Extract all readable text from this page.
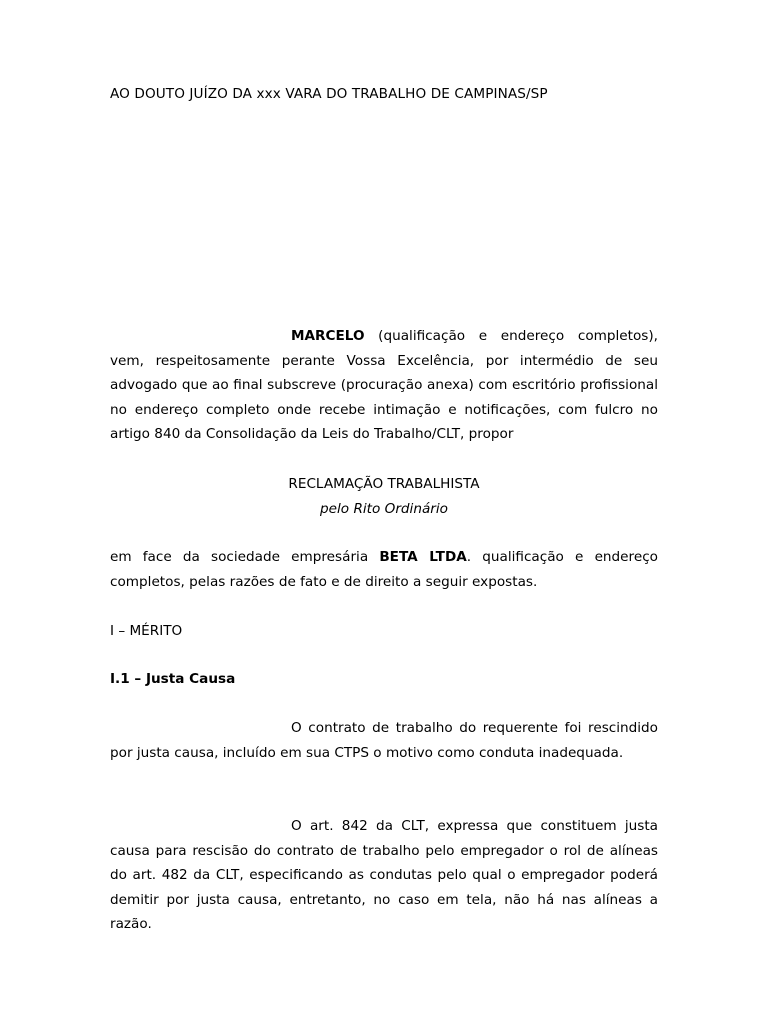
AO DOUTO JUÍZO DA xxx VARA DO TRABALHO DE CAMPINAS/SP

MARCELO (qualificação e endereço completos), vem, respeitosamente perante Vossa Excelência, por intermédio de seu advogado que ao final subscreve (procuração anexa) com escritório profissional no endereço completo onde recebe intimação e notificações, com fulcro no artigo 840 da Consolidação da Leis do Trabalho/CLT, propor

RECLAMAÇÃO TRABALHISTA
pelo Rito Ordinário

em face da sociedade empresária BETA LTDA. qualificação e endereço completos, pelas razões de fato e de direito a seguir expostas.

I – MÉRITO
I.1 – Justa Causa

O contrato de trabalho do requerente foi rescindido por justa causa, incluído em sua CTPS o motivo como conduta inadequada.

O art. 842 da CLT, expressa que constituem justa causa para rescisão do contrato de trabalho pelo empregador o rol de alíneas do art. 482 da CLT, especificando as condutas pelo qual o empregador poderá demitir por justa causa, entretanto, no caso em tela, não há nas alíneas a razão.
